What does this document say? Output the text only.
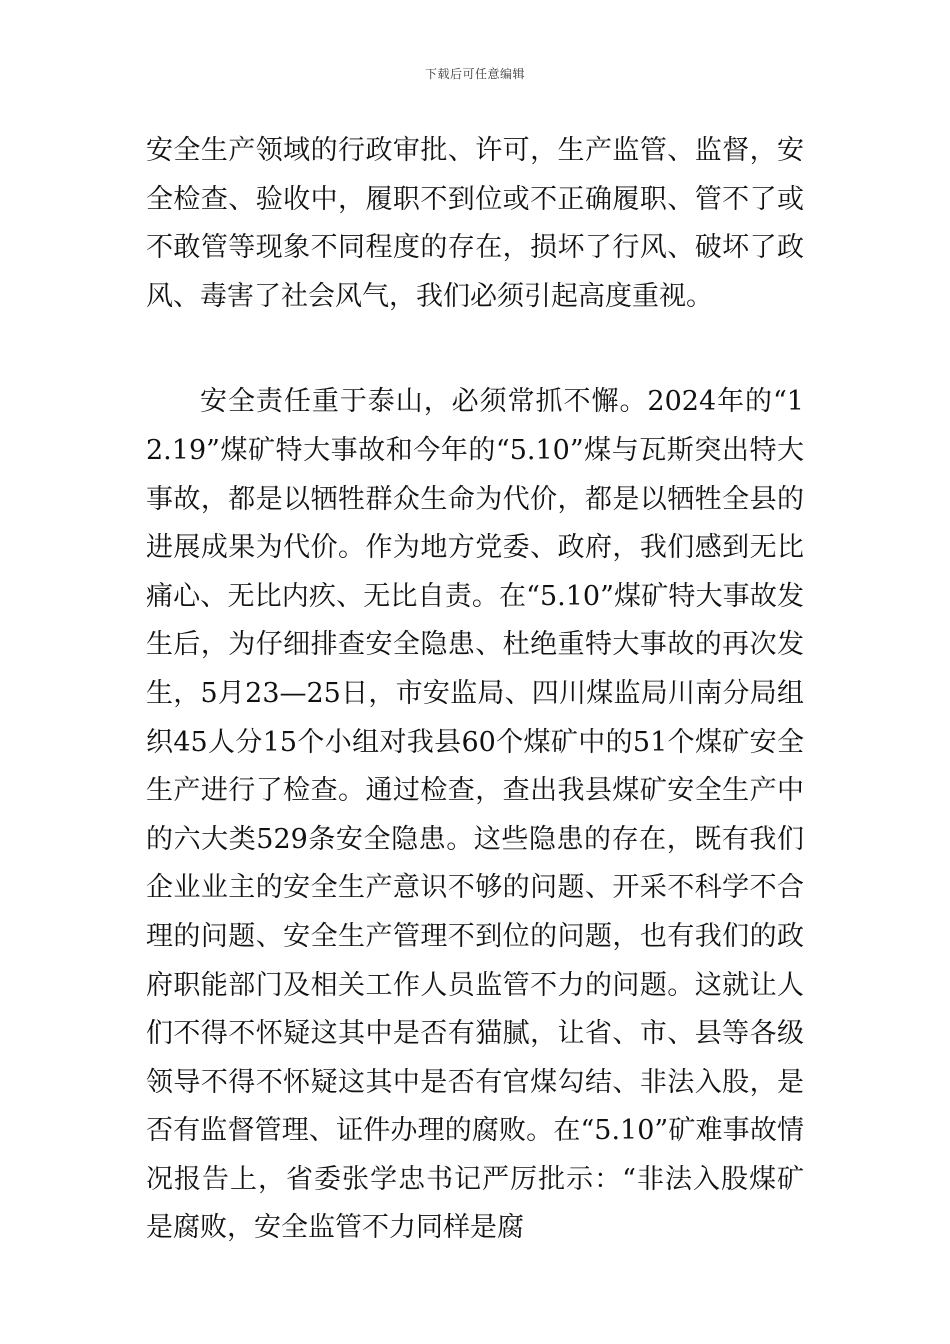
下载后可任意编辑

安全生产领域的行政审批、许可，生产监管、监督，安全检查、验收中，履职不到位或不正确履职、管不了或不敢管等现象不同程度的存在，损坏了行风、破坏了政风、毒害了社会风气，我们必须引起高度重视。

安全责任重于泰山，必须常抓不懈。2024年的“12.19”煤矿特大事故和今年的“5.10”煤与瓦斯突出特大事故，都是以牺牲群众生命为代价，都是以牺牲全县的进展成果为代价。作为地方党委、政府，我们感到无比痛心、无比内疚、无比自责。在“5.10”煤矿特大事故发生后，为仔细排查安全隐患、杜绝重特大事故的再次发生，5月23—25日，市安监局、四川煤监局川南分局组织45人分15个小组对我县60个煤矿中的51个煤矿安全生产进行了检查。通过检查，查出我县煤矿安全生产中的六大类529条安全隐患。这些隐患的存在，既有我们企业业主的安全生产意识不够的问题、开采不科学不合理的问题、安全生产管理不到位的问题，也有我们的政府职能部门及相关工作人员监管不力的问题。这就让人们不得不怀疑这其中是否有猫腻，让省、市、县等各级领导不得不怀疑这其中是否有官煤勾结、非法入股，是否有监督管理、证件办理的腐败。在“5.10”矿难事故情况报告上，省委张学忠书记严厉批示：“非法入股煤矿是腐败，安全监管不力同样是腐
